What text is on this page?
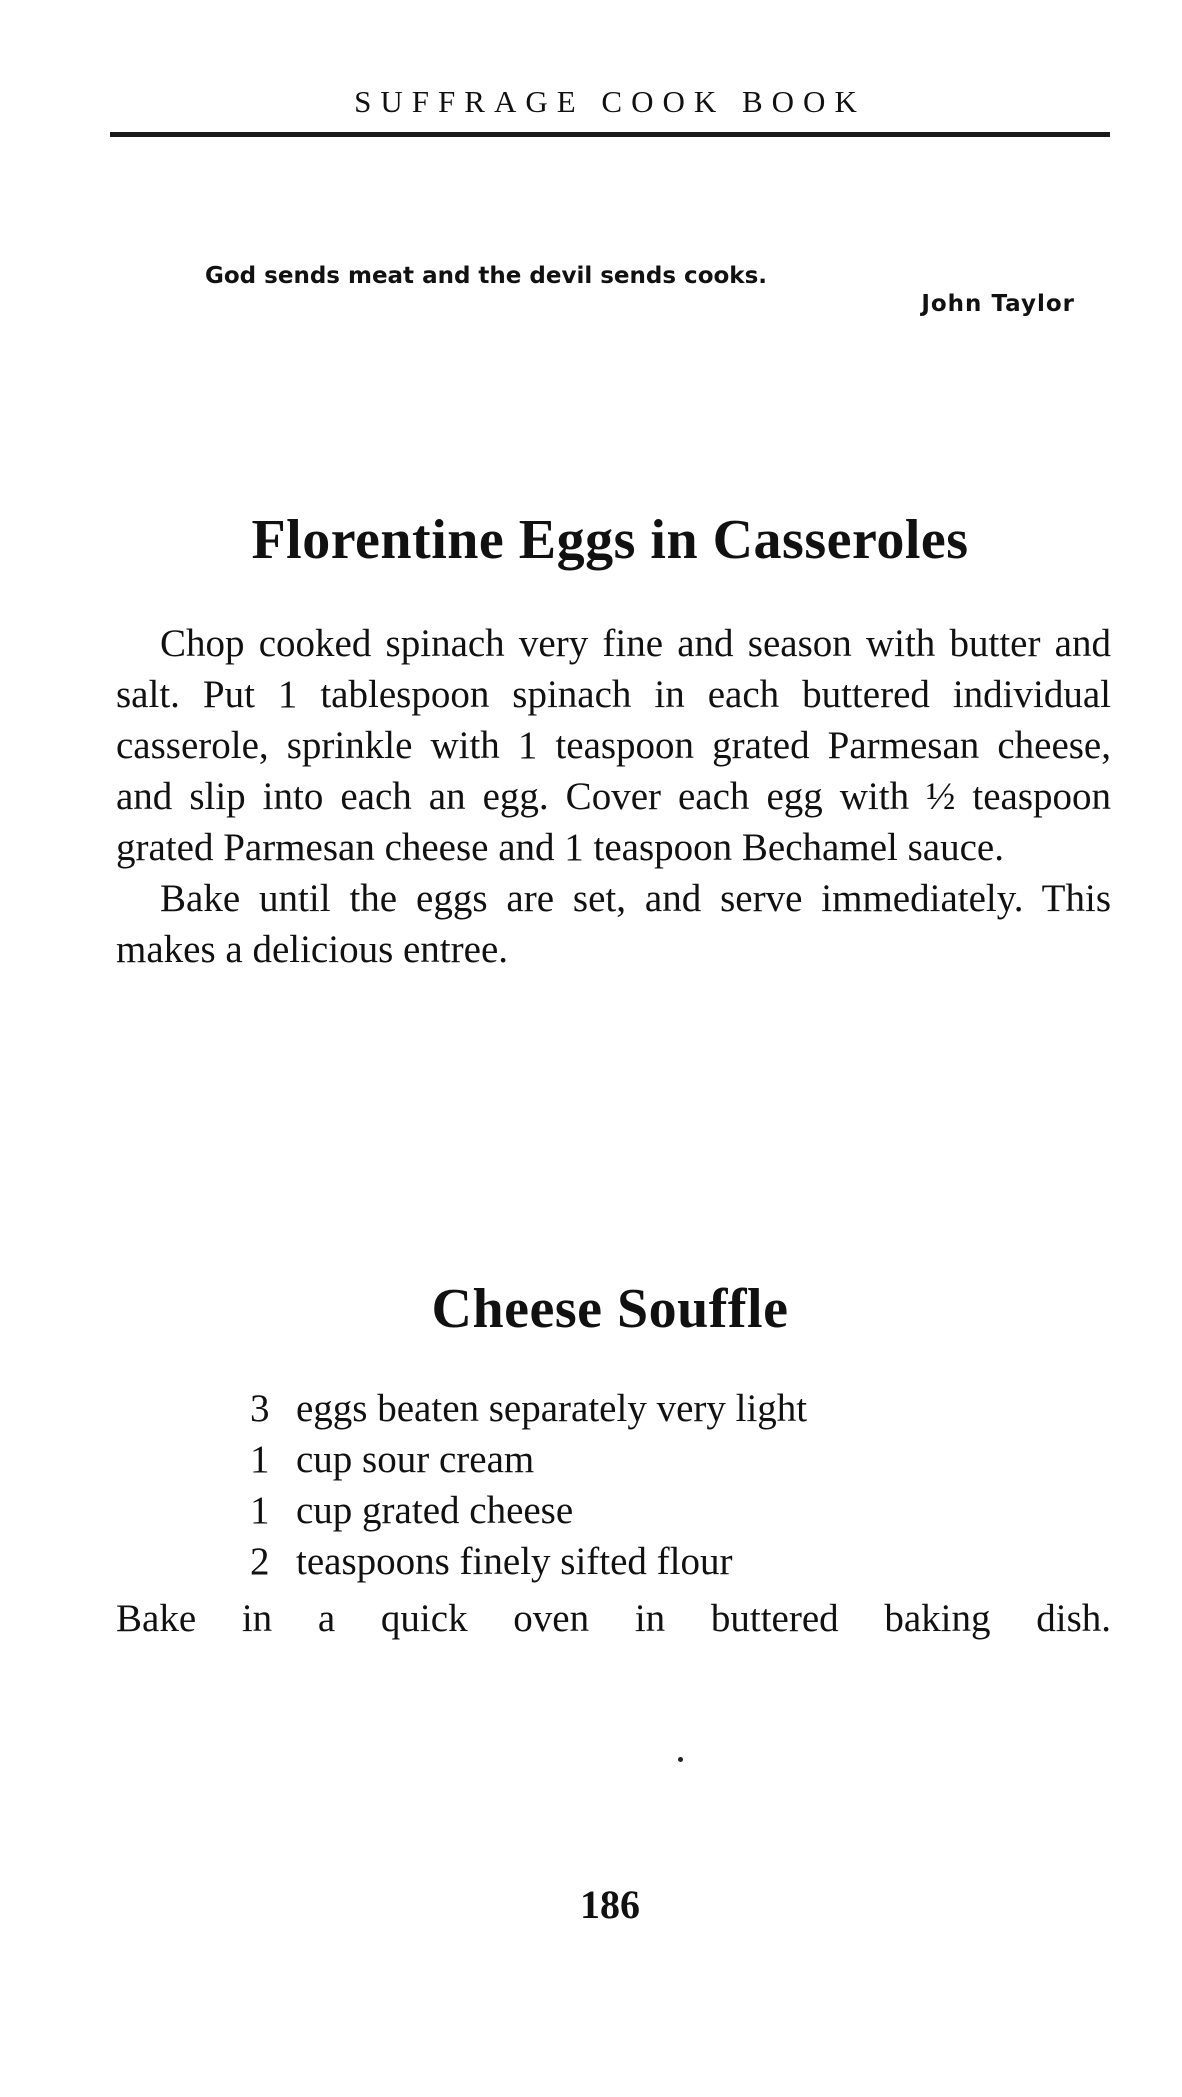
SUFFRAGE COOK BOOK
God sends meat and the devil sends cooks.
John Taylor
Florentine Eggs in Casseroles

Chop cooked spinach very fine and season with butter and salt. Put 1 tablespoon spinach in each buttered individual casserole, sprinkle with 1 teaspoon grated Parmesan cheese, and slip into each an egg. Cover each egg with ½ teaspoon grated Parmesan cheese and 1 teaspoon Bechamel sauce.

Bake until the eggs are set, and serve immediately. This makes a delicious entree.

Cheese Souffle
3 eggs beaten separately very light
1 cup sour cream
1 cup grated cheese
2 teaspoons finely sifted flour
Bake in a quick oven in buttered baking dish.
186
